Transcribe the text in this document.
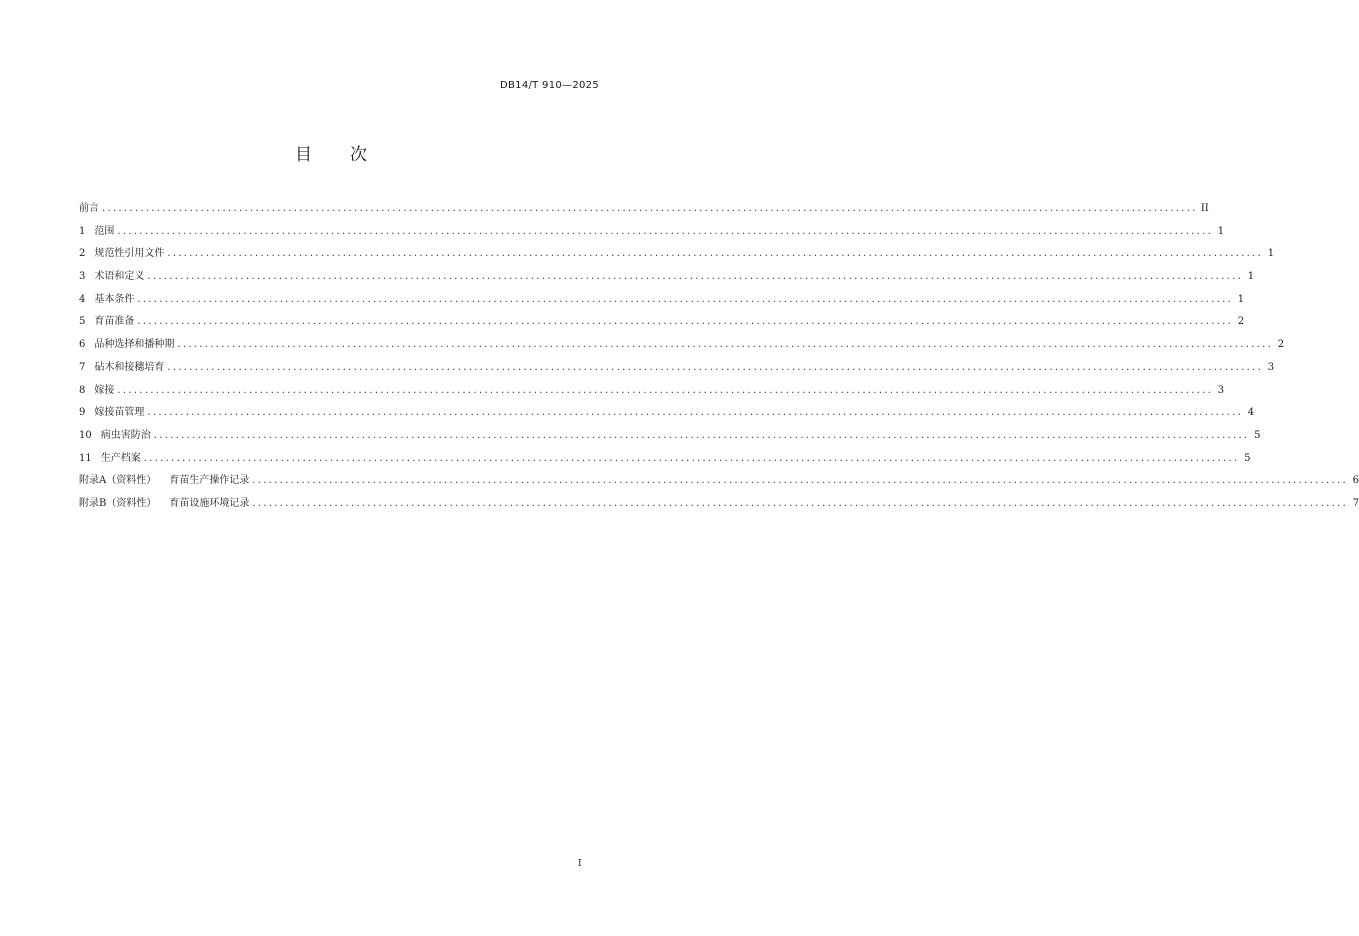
DB14/T 910—2025
目 次
前言 ........................................................................................................................................................................................................ II
1 范围 ........................................................................................................................................................................................................ 1
2 规范性引用文件 ........................................................................................................................................................................................................ 1
3 术语和定义 ........................................................................................................................................................................................................ 1
4 基本条件 ........................................................................................................................................................................................................ 1
5 育苗准备 ........................................................................................................................................................................................................ 2
6 品种选择和播种期 ........................................................................................................................................................................................................ 2
7 砧木和接穗培育 ........................................................................................................................................................................................................ 3
8 嫁接 ........................................................................................................................................................................................................ 3
9 嫁接苗管理 ........................................................................................................................................................................................................ 4
10 病虫害防治 ........................................................................................................................................................................................................ 5
11 生产档案 ........................................................................................................................................................................................................ 5
附录A（资料性） 育苗生产操作记录 ........................................................................................................................................................................................................ 6
附录B（资料性） 育苗设施环境记录 ........................................................................................................................................................................................................ 7
I
